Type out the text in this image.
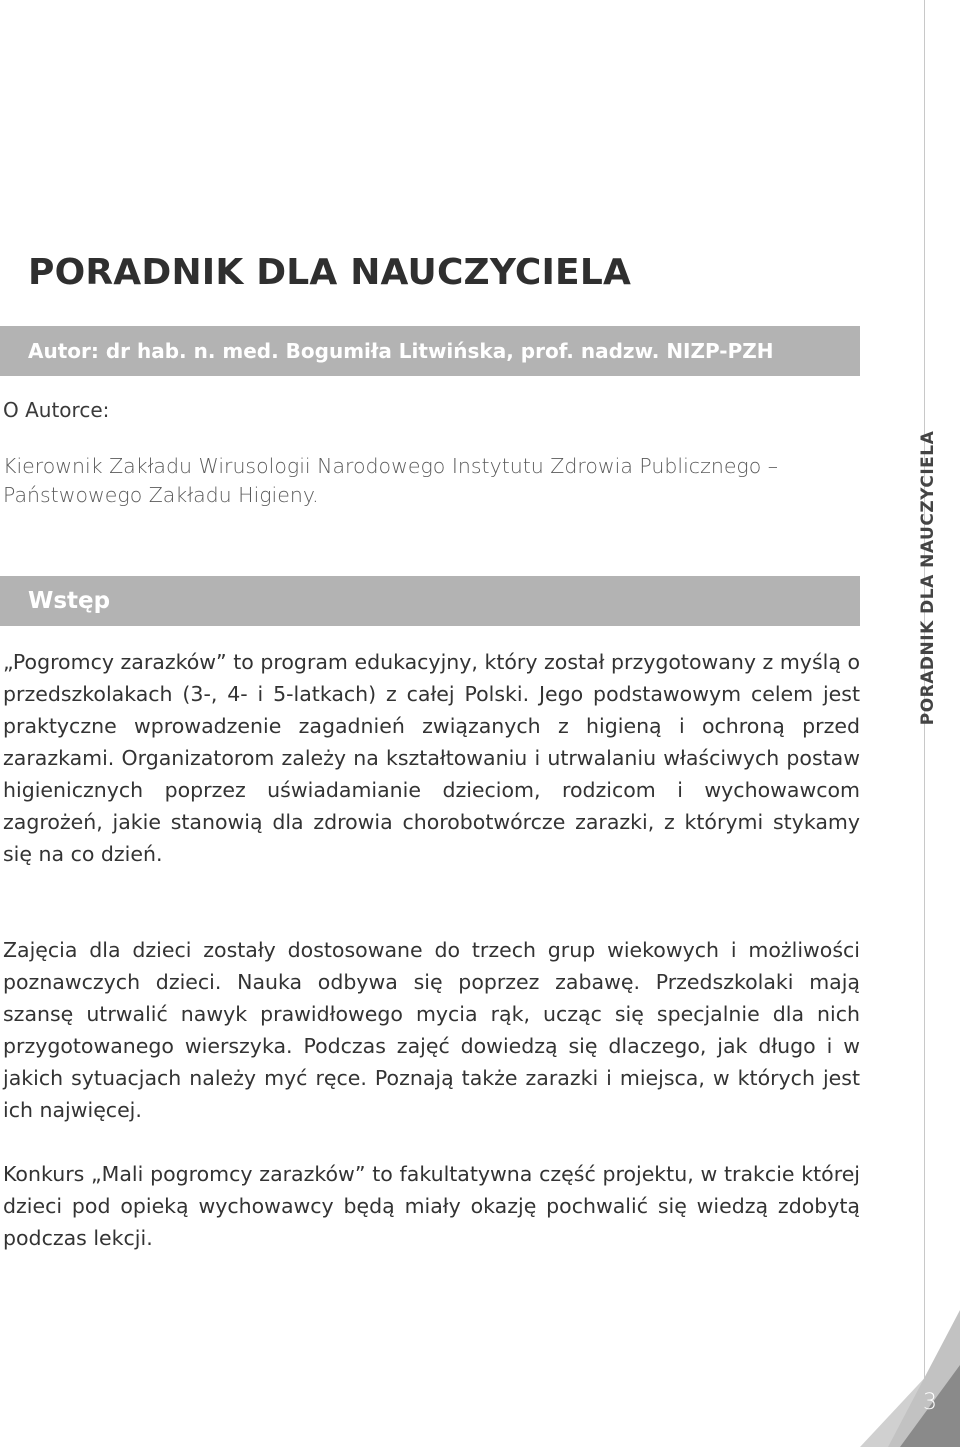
PORADNIK DLA NAUCZYCIELA
Autor: dr hab. n. med. Bogumiła Litwińska, prof. nadzw. NIZP-PZH
O Autorce:

Kierownik Zakładu Wirusologii Narodowego Instytutu Zdrowia Publicznego – Państwowego Zakładu Higieny.

Wstęp

„Pogromcy zarazków” to program edukacyjny, który został przygotowany z myślą o przedszkolakach (3-, 4- i 5-latkach) z całej Polski. Jego podstawowym celem jest praktyczne wprowadzenie zagadnień związanych z higieną i ochroną przed zarazkami. Organizatorom zależy na kształtowaniu i utrwalaniu właściwych postaw higienicznych poprzez uświadamianie dzieciom, rodzicom i wychowawcom zagrożeń, jakie stanowią dla zdrowia chorobotwórcze zarazki, z którymi stykamy się na co dzień.

Zajęcia dla dzieci zostały dostosowane do trzech grup wiekowych i możliwości poznawczych dzieci. Nauka odbywa się poprzez zabawę. Przedszkolaki mają szansę utrwalić nawyk prawidłowego mycia rąk, ucząc się specjalnie dla nich przygotowanego wierszyka. Podczas zajęć dowiedzą się dlaczego, jak długo i w jakich sytuacjach należy myć ręce. Poznają także zarazki i miejsca, w których jest ich najwięcej.

Konkurs „Mali pogromcy zarazków” to fakultatywna część projektu, w trakcie której dzieci pod opieką wychowawcy będą miały okazję pochwalić się wiedzą zdobytą podczas lekcji.

PORADNIK DLA NAUCZYCIELA
3
